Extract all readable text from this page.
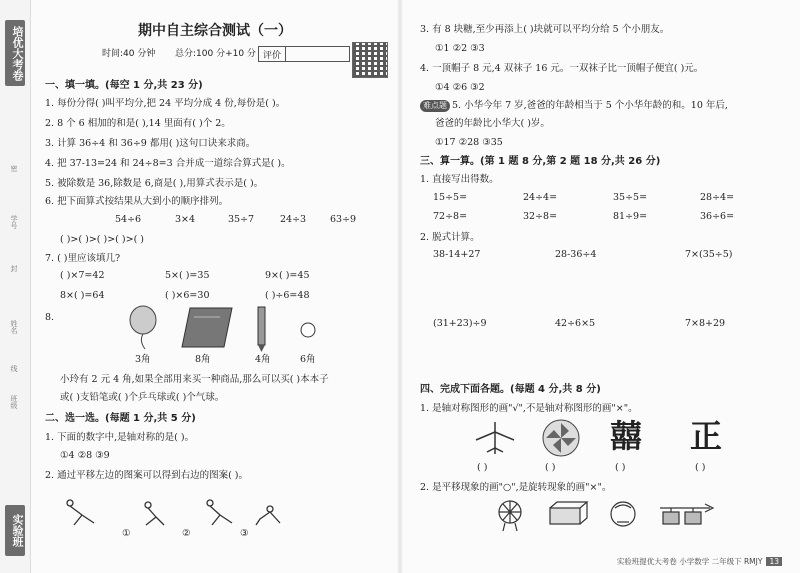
培优大考卷
密
学号
封
姓名
线
班级
实验班
期中自主综合测试（一）
时间:40 分钟 总分:100 分+10 分 评价
一、填一填。(每空 1 分,共 23 分)
1. 每份分得( )叫平均分,把 24 平均分成 4 份,每份是( )。
2. 8 个 6 相加的和是( ),14 里面有( )个 2。
3. 计算 36÷4 和 36÷9 都用( )这句口诀来求商。
4. 把 37-13=24 和 24÷8=3 合并成一道综合算式是( )。
5. 被除数是 36,除数是 6,商是( ),用算式表示是( )。
6. 把下面算式按结果从大到小的顺序排列。
54÷6	3×4	35÷7	24÷3	63÷9
( )>( )>( )>( )>( )
7. ( )里应该填几?
( )×7=42	5×( )=35	9×( )=45
8×( )=64	( )×6=30	( )÷6=48
8.
3角	8角	4角	6角
小玲有 2 元 4 角,如果全部用来买一种商品,那么可以买( )本本子
或( )支铅笔或( )个乒乓球或( )个气球。
二、选一选。(每题 1 分,共 5 分)
1. 下面的数字中,是轴对称的是( )。
①4 ②8 ③9
2. 通过平移左边的图案可以得到右边的图案( )。
①	②	③
3. 有 8 块糖,至少再添上( )块就可以平均分给 5 个小朋友。
①1 ②2 ③3
4. 一顶帽子 8 元,4 双袜子 16 元。一双袜子比一顶帽子便宜( )元。
①4 ②6 ③2
难点题 5. 小华今年 7 岁,爸爸的年龄相当于 5 个小华年龄的和。10 年后,
爸爸的年龄比小华大( )岁。
①17 ②28 ③35
三、算一算。(第 1 题 8 分,第 2 题 18 分,共 26 分)
1. 直接写出得数。
15÷5=	24÷4=	35÷5=	28÷4=
72÷8=	32÷8=	81÷9=	36÷6=
2. 脱式计算。
38-14+27	28-36÷4	7×(35÷5)
(31+23)÷9	42÷6×5	7×8+29
四、完成下面各题。(每题 4 分,共 8 分)
1. 是轴对称图形的画"√",不是轴对称图形的画"×"。
囍 正
( )	( )	( )	( )
2. 是平移现象的画"○",是旋转现象的画"×"。
实验班提优大考卷 小学数学 二年级下 RMJY 13
